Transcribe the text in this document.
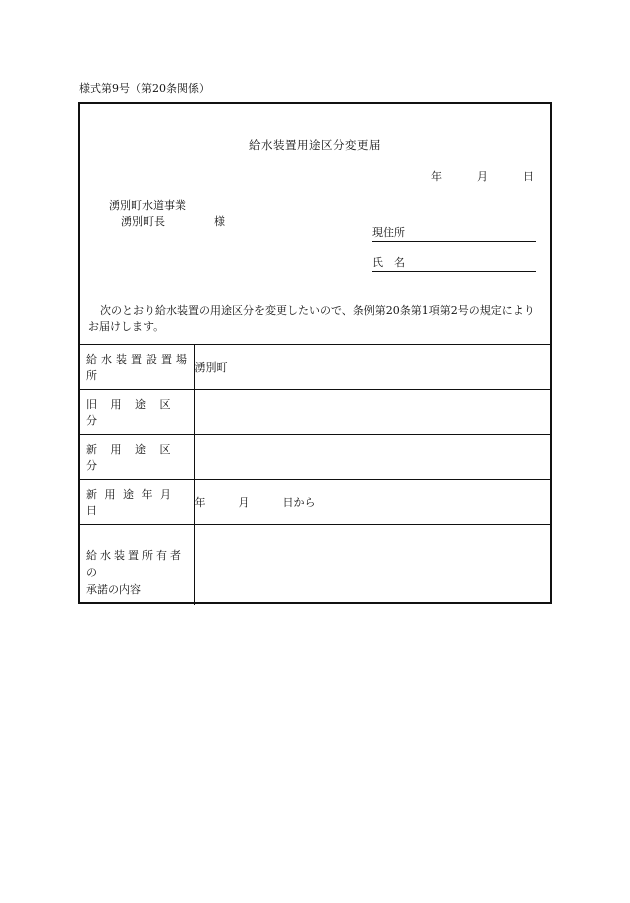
様式第9号（第20条関係）
給水装置用途区分変更届
年	月	日
湧別町水道事業
湧別町長	様
現住所
氏　名
次のとおり給水装置の用途区分を変更したいので、条例第20条第1項第2号の規定によりお届けします。
給水装置設置場所	湧別町
旧用途区分	
新用途区分	
新用途年月日	年 月 日から

給水装置所有者の
承諾の内容	
